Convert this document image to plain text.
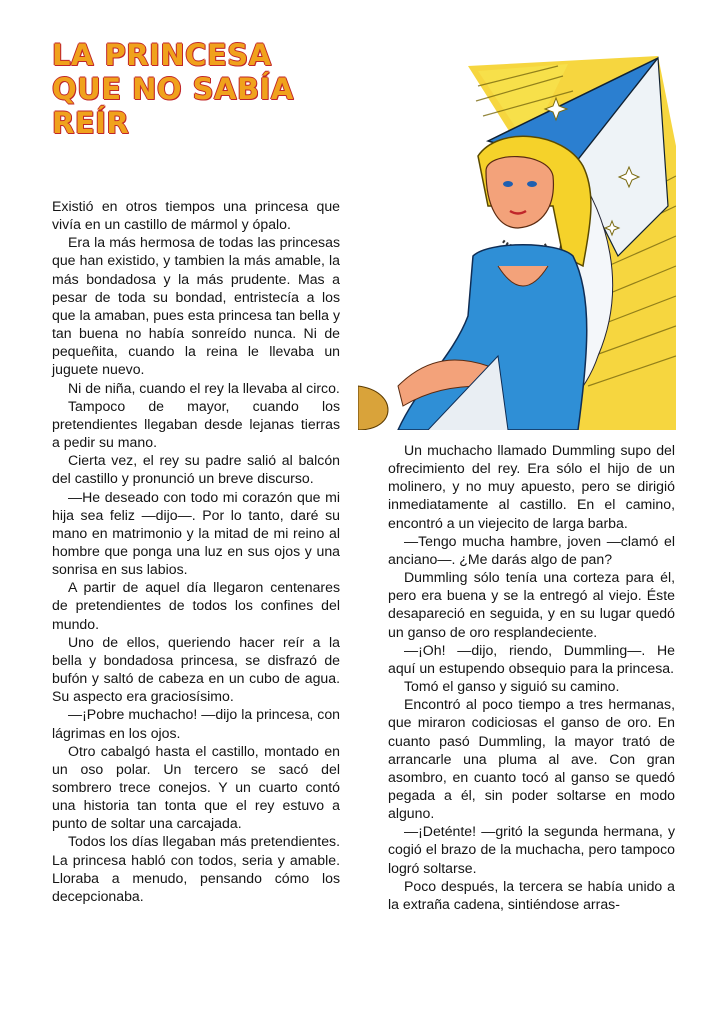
LA PRINCESA
QUE NO SABÍA
REÍR

Existió en otros tiempos una princesa que vivía en un castillo de mármol y ópalo.

Era la más hermosa de todas las princesas que han existido, y tambien la más amable, la más bondadosa y la más prudente. Mas a pesar de toda su bondad, entristecía a los que la amaban, pues esta princesa tan bella y tan buena no había sonreído nunca. Ni de pequeñita, cuando la reina le llevaba un juguete nuevo.

Ni de niña, cuando el rey la llevaba al circo.

Tampoco de mayor, cuando los pretendientes llegaban desde lejanas tierras a pedir su mano.

Cierta vez, el rey su padre salió al balcón del castillo y pronunció un breve discurso.

—He deseado con todo mi corazón que mi hija sea feliz —dijo—. Por lo tanto, daré su mano en matrimonio y la mitad de mi reino al hombre que ponga una luz en sus ojos y una sonrisa en sus labios.

A partir de aquel día llegaron centenares de pretendientes de todos los confines del mundo.

Uno de ellos, queriendo hacer reír a la bella y bondadosa princesa, se disfrazó de bufón y saltó de cabeza en un cubo de agua. Su aspecto era graciosísimo.

—¡Pobre muchacho! —dijo la princesa, con lágrimas en los ojos.

Otro cabalgó hasta el castillo, montado en un oso polar. Un tercero se sacó del sombrero trece conejos. Y un cuarto contó una historia tan tonta que el rey estuvo a punto de soltar una carcajada.

Todos los días llegaban más pretendientes. La princesa habló con todos, seria y amable. Lloraba a menudo, pensando cómo los decepcionaba.

Un muchacho llamado Dummling supo del ofrecimiento del rey. Era sólo el hijo de un molinero, y no muy apuesto, pero se dirigió inmediatamente al castillo. En el camino, encontró a un viejecito de larga barba.

—Tengo mucha hambre, joven —clamó el anciano—. ¿Me darás algo de pan?

Dummling sólo tenía una corteza para él, pero era buena y se la entregó al viejo. Éste desapareció en seguida, y en su lugar quedó un ganso de oro resplandeciente.

—¡Oh! —dijo, riendo, Dummling—. He aquí un estupendo obsequio para la princesa.

Tomó el ganso y siguió su camino.

Encontró al poco tiempo a tres hermanas, que miraron codiciosas el ganso de oro. En cuanto pasó Dummling, la mayor trató de arrancarle una pluma al ave. Con gran asombro, en cuanto tocó al ganso se quedó pegada a él, sin poder soltarse en modo alguno.

—¡Deténte! —gritó la segunda hermana, y cogió el brazo de la muchacha, pero tampoco logró soltarse.

Poco después, la tercera se había unido a la extraña cadena, sintiéndose arras-
